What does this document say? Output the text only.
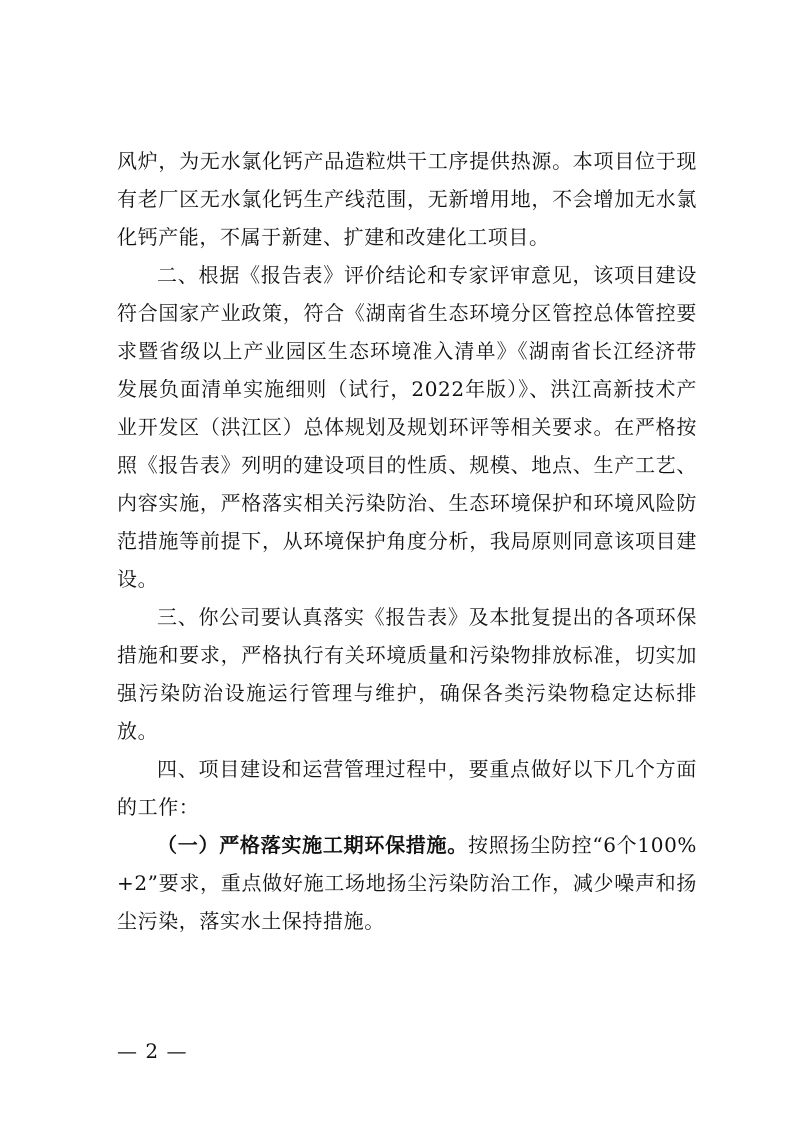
风炉，为无水氯化钙产品造粒烘干工序提供热源。本项目位于现有老厂区无水氯化钙生产线范围，无新增用地，不会增加无水氯化钙产能，不属于新建、扩建和改建化工项目。

二、根据《报告表》评价结论和专家评审意见，该项目建设符合国家产业政策，符合《湖南省生态环境分区管控总体管控要求暨省级以上产业园区生态环境准入清单》《湖南省长江经济带发展负面清单实施细则（试行，2022年版）》、洪江高新技术产业开发区（洪江区）总体规划及规划环评等相关要求。在严格按照《报告表》列明的建设项目的性质、规模、地点、生产工艺、内容实施，严格落实相关污染防治、生态环境保护和环境风险防范措施等前提下，从环境保护角度分析，我局原则同意该项目建设。

三、你公司要认真落实《报告表》及本批复提出的各项环保措施和要求，严格执行有关环境质量和污染物排放标准，切实加强污染防治设施运行管理与维护，确保各类污染物稳定达标排放。

四、项目建设和运营管理过程中，要重点做好以下几个方面的工作：

（一）严格落实施工期环保措施。按照扬尘防控“6个100%+2”要求，重点做好施工场地扬尘污染防治工作，减少噪声和扬尘污染，落实水土保持措施。

— 2 —
